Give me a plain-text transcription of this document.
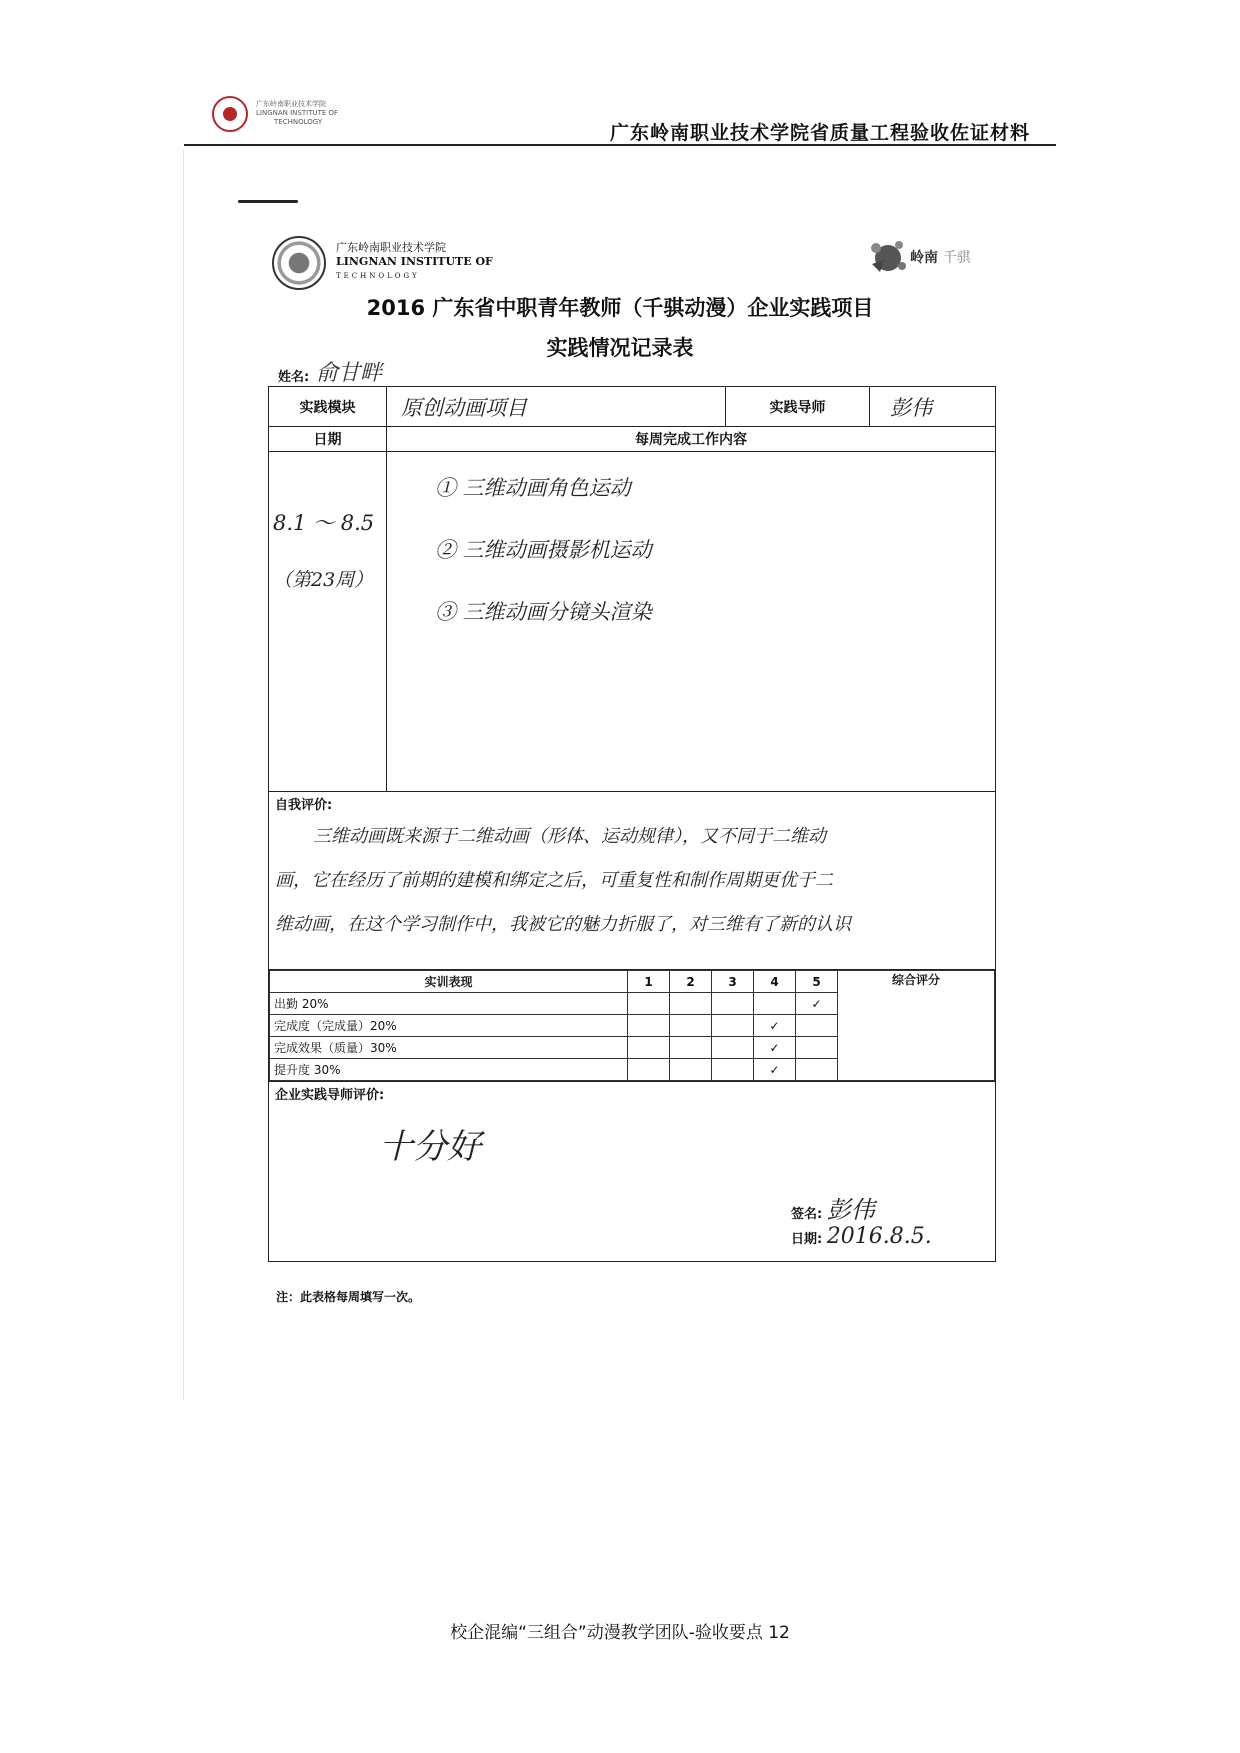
广东岭南职业技术学院
LINGNAN INSTITUTE OF
TECHNOLOGY	广东岭南职业技术学院省质量工程验收佐证材料
广东岭南职业技术学院
LINGNAN INSTITUTE OF
TECHNOLOGY
岭南 千骐
2016 广东省中职青年教师（千骐动漫）企业实践项目
实践情况记录表
姓名: 俞甘畔
实践模块	原创动画项目	实践导师	彭伟
日期	每周完成工作内容

8.1 ～ 8.5
（第23周）

① 三维动画角色运动
② 三维动画摄影机运动
③ 三维动画分镜头渲染

自我评价:
三维动画既来源于二维动画（形体、运动规律），又不同于二维动
画，它在经历了前期的建模和绑定之后，可重复性和制作周期更优于二
维动画，在这个学习制作中，我被它的魅力折服了，对三维有了新的认识

实训表现	1	2	3	4	5	综合评分
出勤 20%					✓
完成度（完成量）20%				✓	
完成效果（质量）30%				✓	
提升度 30%				✓	

企业实践导师评价:
十分好
签名: 彭伟
日期: 2016.8.5.
注：此表格每周填写一次。
校企混编“三组合”动漫教学团队-验收要点 12
